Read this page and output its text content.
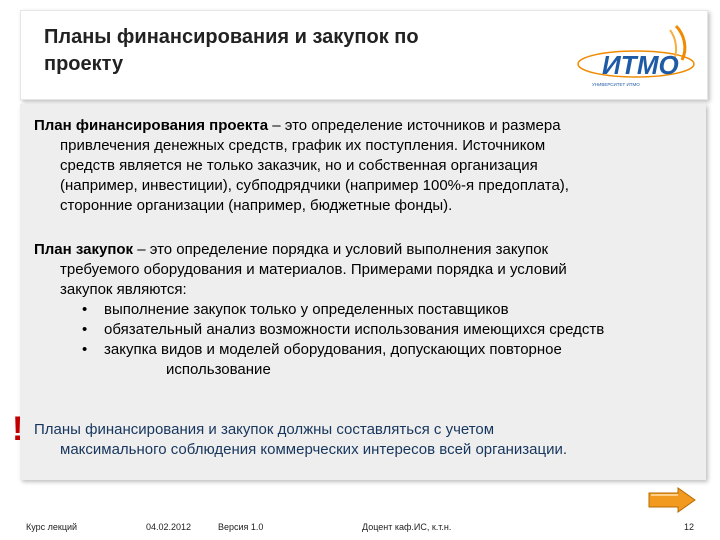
Планы финансирования и закупок по
проекту	ИТМО
УНИВЕРСИТЕТ ИТМО
План финансирования проекта – это определение источников и размера
привлечения денежных средств, график их поступления. Источником
средств является не только заказчик, но и собственная организация
(например, инвестиции), субподрядчики (например 100%-я предоплата),
сторонние организации (например, бюджетные фонды).
План закупок – это определение порядка и условий выполнения закупок
требуемого оборудования и материалов. Примерами порядка и условий
закупок являются:
•	выполнение закупок только у определенных поставщиков
•	обязательный анализ возможности использования имеющихся средств
•	закупка видов и моделей оборудования, допускающих повторное
использование
Планы финансирования и закупок должны составляться с учетом
максимального соблюдения коммерческих интересов всей организации.
!
Курс лекций	04.02.2012	Версия 1.0	Доцент каф.ИС, к.т.н.	12
